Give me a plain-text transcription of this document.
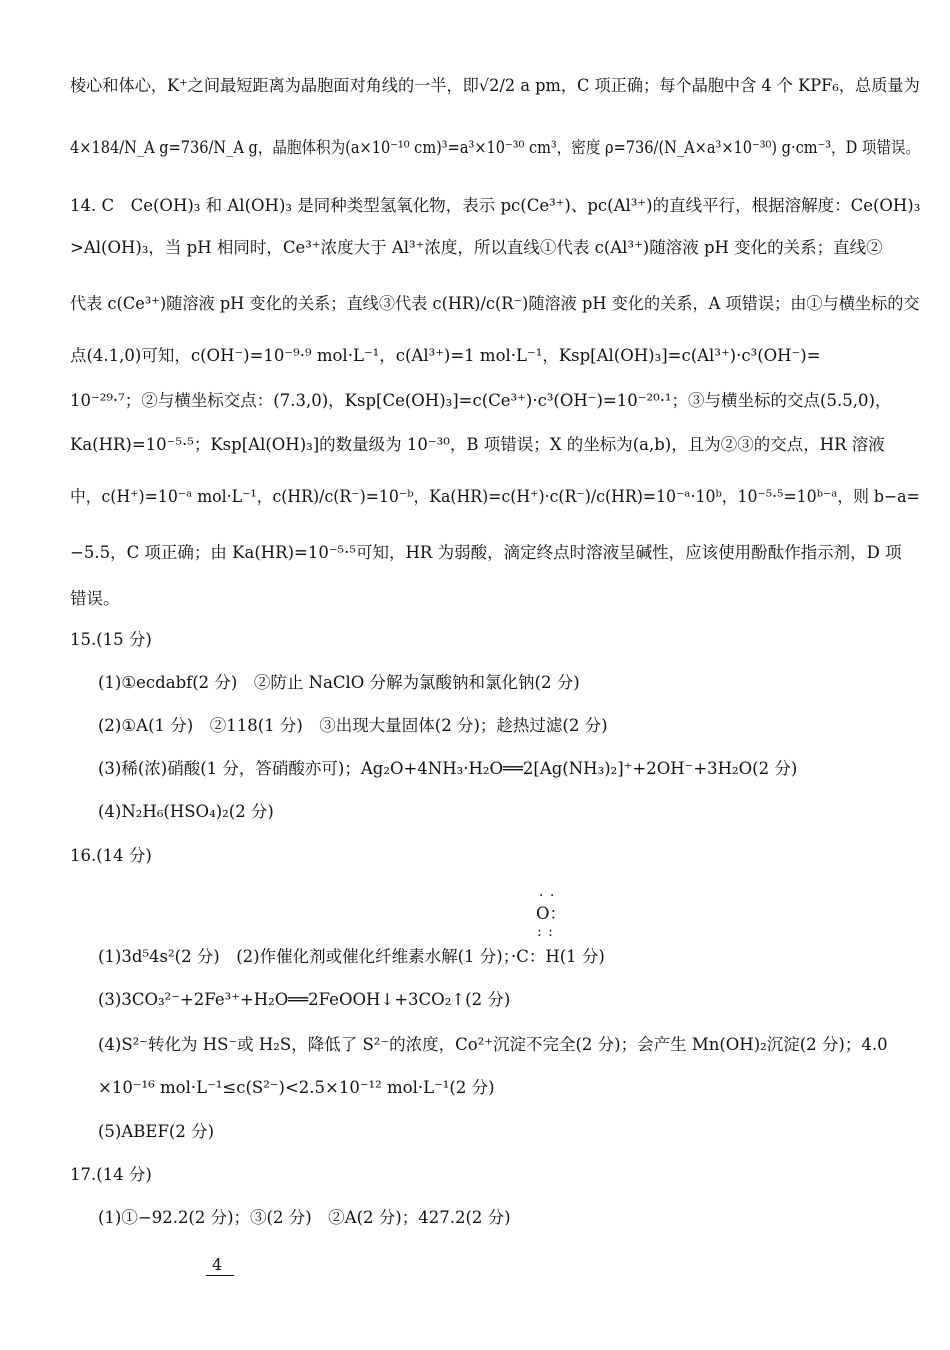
棱心和体心，K⁺之间最短距离为晶胞面对角线的一半，即√2/2 a pm，C 项正确；每个晶胞中含 4 个 KPF₆，总质量为
4×184/N_A g=736/N_A g，晶胞体积为(a×10⁻¹⁰ cm)³=a³×10⁻³⁰ cm³，密度 ρ=736/(N_A×a³×10⁻³⁰) g·cm⁻³，D 项错误。
14. C　Ce(OH)₃ 和 Al(OH)₃ 是同种类型氢氧化物，表示 pc(Ce³⁺)、pc(Al³⁺)的直线平行，根据溶解度：Ce(OH)₃
>Al(OH)₃，当 pH 相同时，Ce³⁺浓度大于 Al³⁺浓度，所以直线①代表 c(Al³⁺)随溶液 pH 变化的关系；直线②
代表 c(Ce³⁺)随溶液 pH 变化的关系；直线③代表 c(HR)/c(R⁻)随溶液 pH 变化的关系，A 项错误；由①与横坐标的交
点(4.1,0)可知，c(OH⁻)=10⁻⁹·⁹ mol·L⁻¹，c(Al³⁺)=1 mol·L⁻¹，Ksp[Al(OH)₃]=c(Al³⁺)·c³(OH⁻)=
10⁻²⁹·⁷；②与横坐标交点：(7.3,0)，Ksp[Ce(OH)₃]=c(Ce³⁺)·c³(OH⁻)=10⁻²⁰·¹；③与横坐标的交点(5.5,0)，
Ka(HR)=10⁻⁵·⁵；Ksp[Al(OH)₃]的数量级为 10⁻³⁰，B 项错误；X 的坐标为(a,b)，且为②③的交点，HR 溶液
中，c(H⁺)=10⁻ᵃ mol·L⁻¹，c(HR)/c(R⁻)=10⁻ᵇ，Ka(HR)=c(H⁺)·c(R⁻)/c(HR)=10⁻ᵃ·10ᵇ，10⁻⁵·⁵=10ᵇ⁻ᵃ，则 b−a=
−5.5，C 项正确；由 Ka(HR)=10⁻⁵·⁵可知，HR 为弱酸，滴定终点时溶液呈碱性，应该使用酚酞作指示剂，D 项
错误。
15.(15 分)
(1)①ecdabf(2 分)　②防止 NaClO 分解为氯酸钠和氯化钠(2 分)
(2)①A(1 分)　②118(1 分)　③出现大量固体(2 分)；趁热过滤(2 分)
(3)稀(浓)硝酸(1 分，答硝酸亦可)；Ag₂O+4NH₃·H₂O══2[Ag(NH₃)₂]⁺+2OH⁻+3H₂O(2 分)
(4)N₂H₆(HSO₄)₂(2 分)
16.(14 分)
· ·
O：
: :
(1)3d⁵4s²(2 分)　(2)作催化剂或催化纤维素水解(1 分)；·C：H(1 分)
(3)3CO₃²⁻+2Fe³⁺+H₂O══2FeOOH↓+3CO₂↑(2 分)
(4)S²⁻转化为 HS⁻或 H₂S，降低了 S²⁻的浓度，Co²⁺沉淀不完全(2 分)；会产生 Mn(OH)₂沉淀(2 分)；4.0
×10⁻¹⁶ mol·L⁻¹≤c(S²⁻)<2.5×10⁻¹² mol·L⁻¹(2 分)
(5)ABEF(2 分)
17.(14 分)
(1)①−92.2(2 分)；③(2 分)　②A(2 分)；427.2(2 分)
4
